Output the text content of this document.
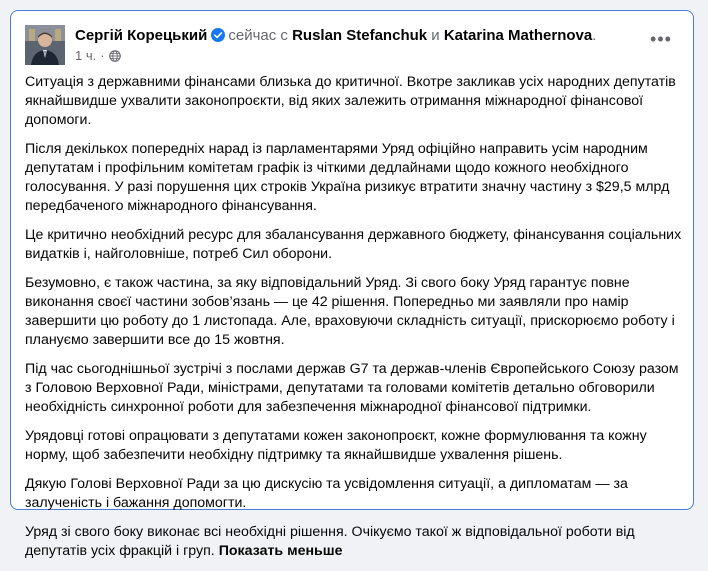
Сергій Корецький сейчас с Ruslan Stefanchuk и Katarina Mathernova.
1 ч. ·
•••

Ситуація з державними фінансами близька до критичної. Вкотре закликав усіх народних депутатів якнайшвидше ухвалити законопроєкти, від яких залежить отримання міжнародної фінансової допомоги.

Після декількох попередніх нарад із парламентарями Уряд офіційно направить усім народним депутатам і профільним комітетам графік із чіткими дедлайнами щодо кожного необхідного голосування. У разі порушення цих строків Україна ризикує втратити значну частину з $29,5 млрд передбаченого міжнародного фінансування.

Це критично необхідний ресурс для збалансування державного бюджету, фінансування соціальних видатків і, найголовніше, потреб Сил оборони.

Безумовно, є також частина, за яку відповідальний Уряд. Зі свого боку Уряд гарантує повне виконання своєї частини зобов’язань — це 42 рішення. Попередньо ми заявляли про намір завершити цю роботу до 1 листопада. Але, враховуючи складність ситуації, прискорюємо роботу і плануємо завершити все до 15 жовтня.

Під час сьогоднішньої зустрічі з послами держав G7 та держав-членів Європейського Союзу разом з Головою Верховної Ради, міністрами, депутатами та головами комітетів детально обговорили необхідність синхронної роботи для забезпечення міжнародної фінансової підтримки.

Урядовці готові опрацювати з депутатами кожен законопроєкт, кожне формулювання та кожну норму, щоб забезпечити необхідну підтримку та якнайшвидше ухвалення рішень.

Дякую Голові Верховної Ради за цю дискусію та усвідомлення ситуації, а дипломатам — за залученість і бажання допомогти.

Уряд зі свого боку виконає всі необхідні рішення. Очікуємо такої ж відповідальної роботи від депутатів усіх фракцій і груп. Показать меньше
